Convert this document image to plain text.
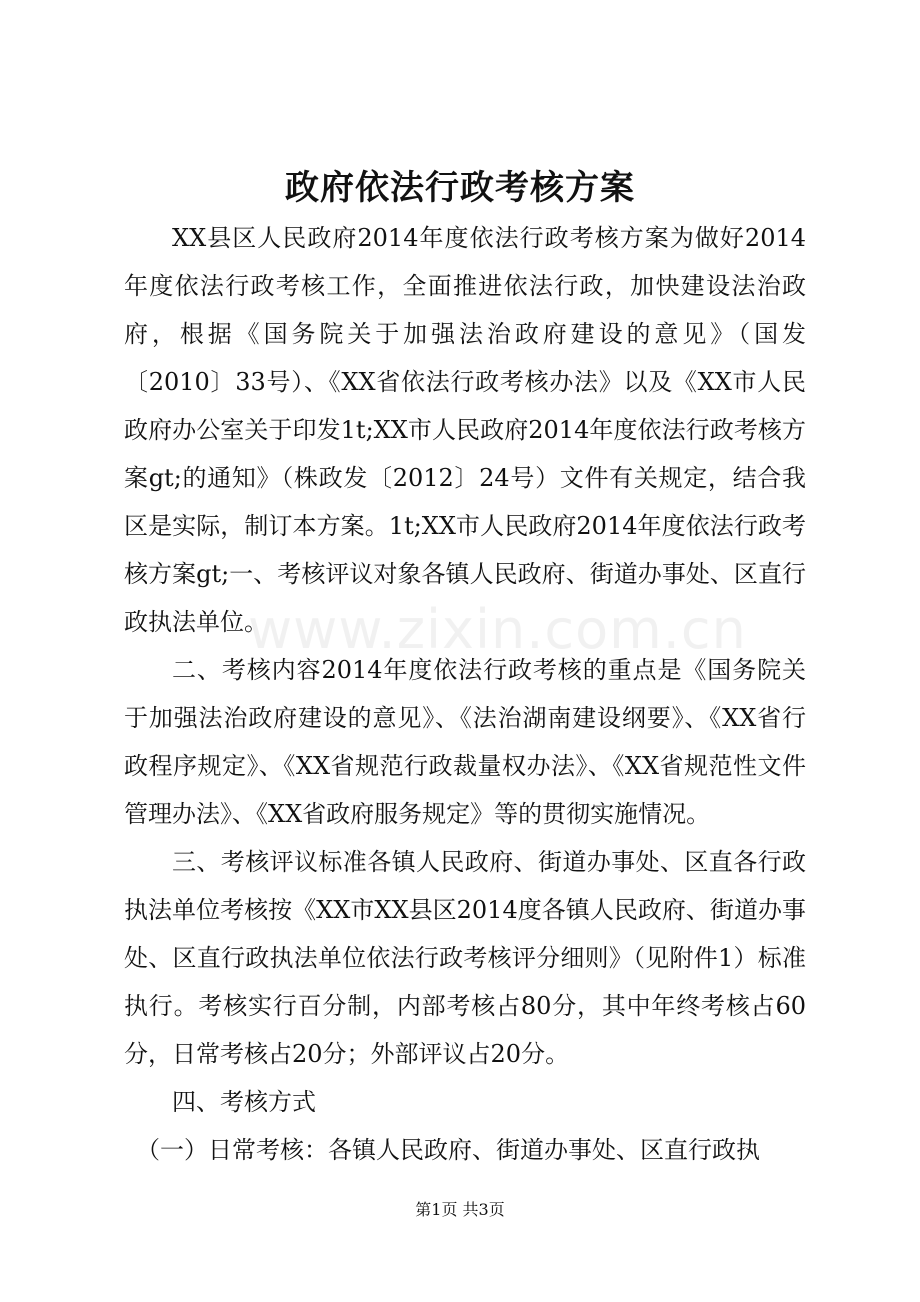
政府依法行政考核方案

XX县区人民政府2014年度依法行政考核方案为做好2014年度依法行政考核工作，全面推进依法行政，加快建设法治政府，根据《国务院关于加强法治政府建设的意见》（国发〔2010〕33号）、《XX省依法行政考核办法》以及《XX市人民政府办公室关于印发1t;XX市人民政府2014年度依法行政考核方案gt;的通知》（株政发〔2012〕24号）文件有关规定，结合我区是实际，制订本方案。1t;XX市人民政府2014年度依法行政考核方案gt;一、考核评议对象各镇人民政府、街道办事处、区直行政执法单位。

二、考核内容2014年度依法行政考核的重点是《国务院关于加强法治政府建设的意见》、《法治湖南建设纲要》、《XX省行政程序规定》、《XX省规范行政裁量权办法》、《XX省规范性文件管理办法》、《XX省政府服务规定》等的贯彻实施情况。

三、考核评议标准各镇人民政府、街道办事处、区直各行政执法单位考核按《XX市XX县区2014度各镇人民政府、街道办事处、区直行政执法单位依法行政考核评分细则》（见附件1）标准执行。考核实行百分制，内部考核占80分，其中年终考核占60分，日常考核占20分；外部评议占20分。

四、考核方式

（一）日常考核：各镇人民政府、街道办事处、区直行政执

www.zixin.com.cn
第1页 共3页
